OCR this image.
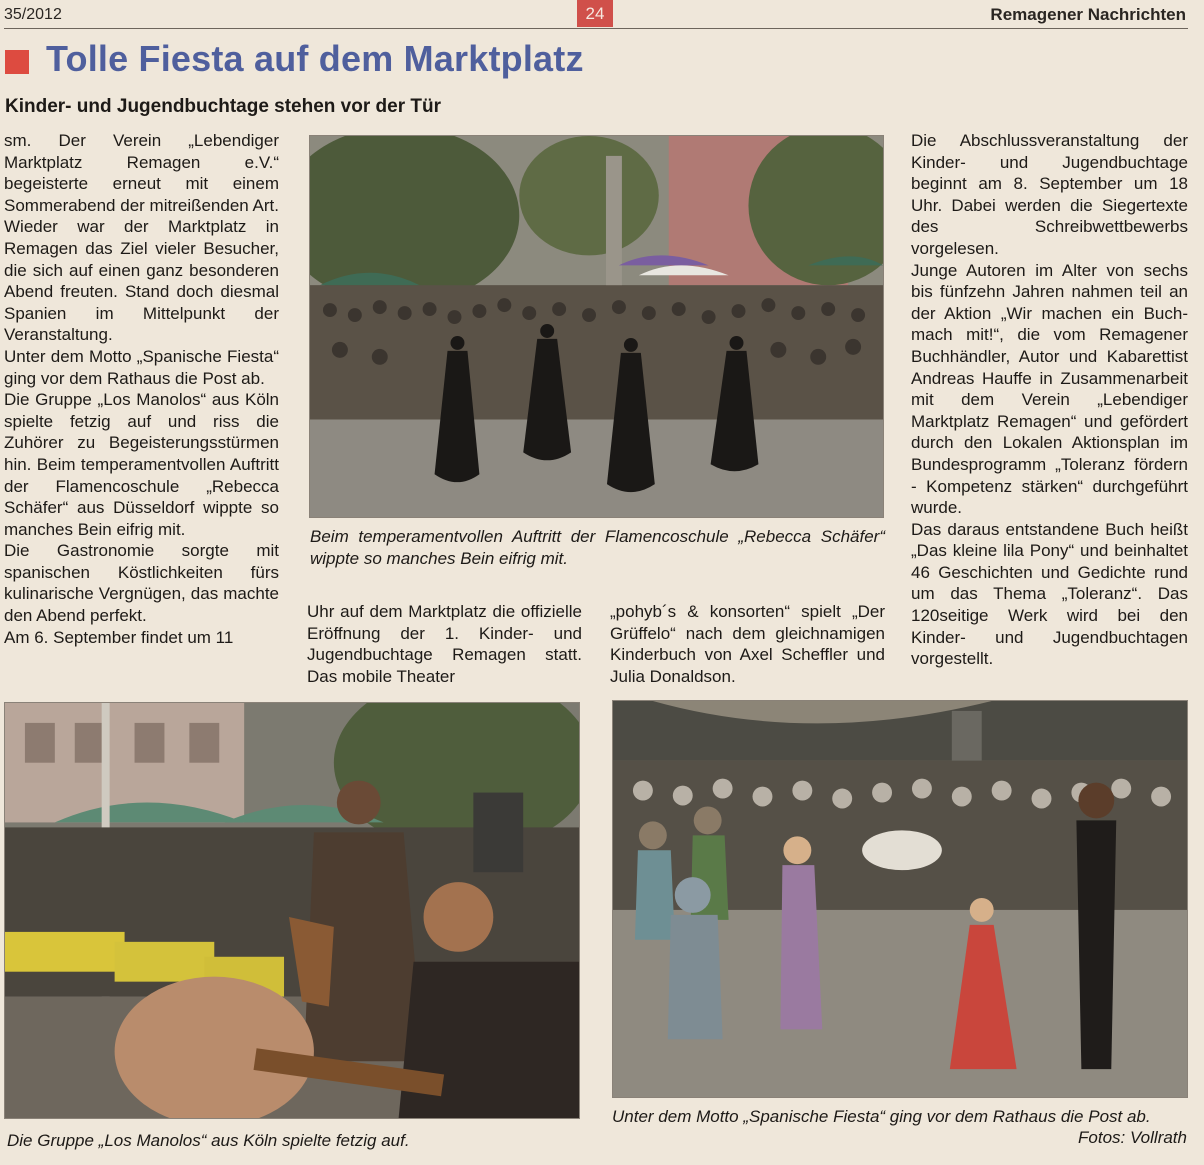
35/2012	24	Remagener Nachrichten
Tolle Fiesta auf dem Marktplatz
Kinder- und Jugendbuchtage stehen vor der Tür

sm. Der Verein „Lebendiger Marktplatz Remagen e.V.“ begeisterte erneut mit einem Sommerabend der mitreißenden Art. Wieder war der Marktplatz in Remagen das Ziel vieler Besucher, die sich auf einen ganz besonderen Abend freuten. Stand doch diesmal Spanien im Mittelpunkt der Veranstaltung.

Unter dem Motto „Spanische Fiesta“ ging vor dem Rathaus die Post ab.

Die Gruppe „Los Manolos“ aus Köln spielte fetzig auf und riss die Zuhörer zu Begeisterungsstürmen hin. Beim temperamentvollen Auftritt der Flamencoschule „Rebecca Schäfer“ aus Düsseldorf wippte so manches Bein eifrig mit.

Die Gastronomie sorgte mit spanischen Köstlichkeiten fürs kulinarische Vergnügen, das machte den Abend perfekt.

Am 6. September findet um 11

Beim temperamentvollen Auftritt der Flamencoschule „Rebecca Schäfer“ wippte so manches Bein eifrig mit.

Uhr auf dem Marktplatz die offizielle Eröffnung der 1. Kinder- und Jugendbuchtage Remagen statt. Das mobile Theater

„pohyb´s & konsorten“ spielt „Der Grüffelo“ nach dem gleichnamigen Kinderbuch von Axel Scheffler und Julia Donaldson.

Die Abschlussveranstaltung der Kinder- und Jugendbuchtage beginnt am 8. September um 18 Uhr. Dabei werden die Siegertexte des Schreibwettbewerbs vorgelesen.

Junge Autoren im Alter von sechs bis fünfzehn Jahren nahmen teil an der Aktion „Wir machen ein Buch- mach mit!“, die vom Remagener Buchhändler, Autor und Kabarettist Andreas Hauffe in Zusammenarbeit mit dem Verein „Lebendiger Marktplatz Remagen“ und gefördert durch den Lokalen Aktionsplan im Bundesprogramm „Toleranz fördern - Kompetenz stärken“ durchgeführt wurde.

Das daraus entstandene Buch heißt „Das kleine lila Pony“ und beinhaltet 46 Geschichten und Gedichte rund um das Thema „Toleranz“. Das 120seitige Werk wird bei den Kinder- und Jugendbuchtagen vorgestellt.

Die Gruppe „Los Manolos“ aus Köln spielte fetzig auf.
Unter dem Motto „Spanische Fiesta“ ging vor dem Rathaus die Post ab.
Fotos: Vollrath
